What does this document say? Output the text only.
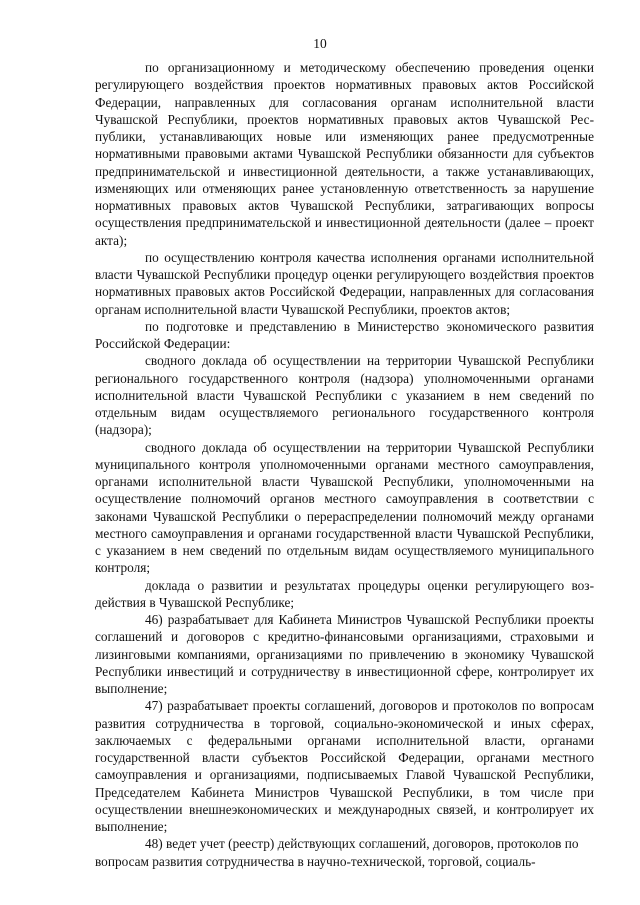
10

по организационному и методическому обеспечению проведения оценки регулирующего воздействия проектов нормативных правовых актов Российской Федерации, направленных для согласования органам исполнительной власти Чувашской Республики, проектов нормативных правовых актов Чувашской Республики, устанавливающих новые или изменяющих ранее предусмотренные нормативными правовыми актами Чувашской Республики обязанности для субъектов предпринимательской и инвестиционной деятельности, а также устанавливающих, изменяющих или отменяющих ранее установленную ответственность за нарушение нормативных правовых актов Чувашской Республики, затрагивающих вопросы осуществления предпринимательской и инвестиционной деятельности (далее – проект акта);

по осуществлению контроля качества исполнения органами исполнительной власти Чувашской Республики процедур оценки регулирующего воздействия проектов нормативных правовых актов Российской Федерации, направленных для согласования органам исполнительной власти Чувашской Республики, проектов актов;

по подготовке и представлению в Министерство экономического развития Российской Федерации:

сводного доклада об осуществлении на территории Чувашской Республики регионального государственного контроля (надзора) уполномоченными органами исполнительной власти Чувашской Республики с указанием в нем сведений по отдельным видам осуществляемого регионального государственного контроля (надзора);

сводного доклада об осуществлении на территории Чувашской Республики муниципального контроля уполномоченными органами местного самоуправления, органами исполнительной власти Чувашской Республики, уполномоченными на осуществление полномочий органов местного самоуправления в соответствии с законами Чувашской Республики о перераспределении полномочий между органами местного самоуправления и органами государственной власти Чувашской Республики, с указанием в нем сведений по отдельным видам осуществляемого муниципального контроля;

доклада о развитии и результатах процедуры оценки регулирующего воздействия в Чувашской Республике;

46) разрабатывает для Кабинета Министров Чувашской Республики проекты соглашений и договоров с кредитно-финансовыми организациями, страховыми и лизинговыми компаниями, организациями по привлечению в экономику Чувашской Республики инвестиций и сотрудничеству в инвестиционной сфере, контролирует их выполнение;

47) разрабатывает проекты соглашений, договоров и протоколов по вопросам развития сотрудничества в торговой, социально-экономической и иных сферах, заключаемых с федеральными органами исполнительной власти, органами государственной власти субъектов Российской Федерации, органами местного самоуправления и организациями, подписываемых Главой Чувашской Республики, Председателем Кабинета Министров Чувашской Республики, в том числе при осуществлении внешнеэкономических и международных связей, и контролирует их выполнение;

48) ведет учет (реестр) действующих соглашений, договоров, протоколов по вопросам развития сотрудничества в научно-технической, торговой, социаль-
